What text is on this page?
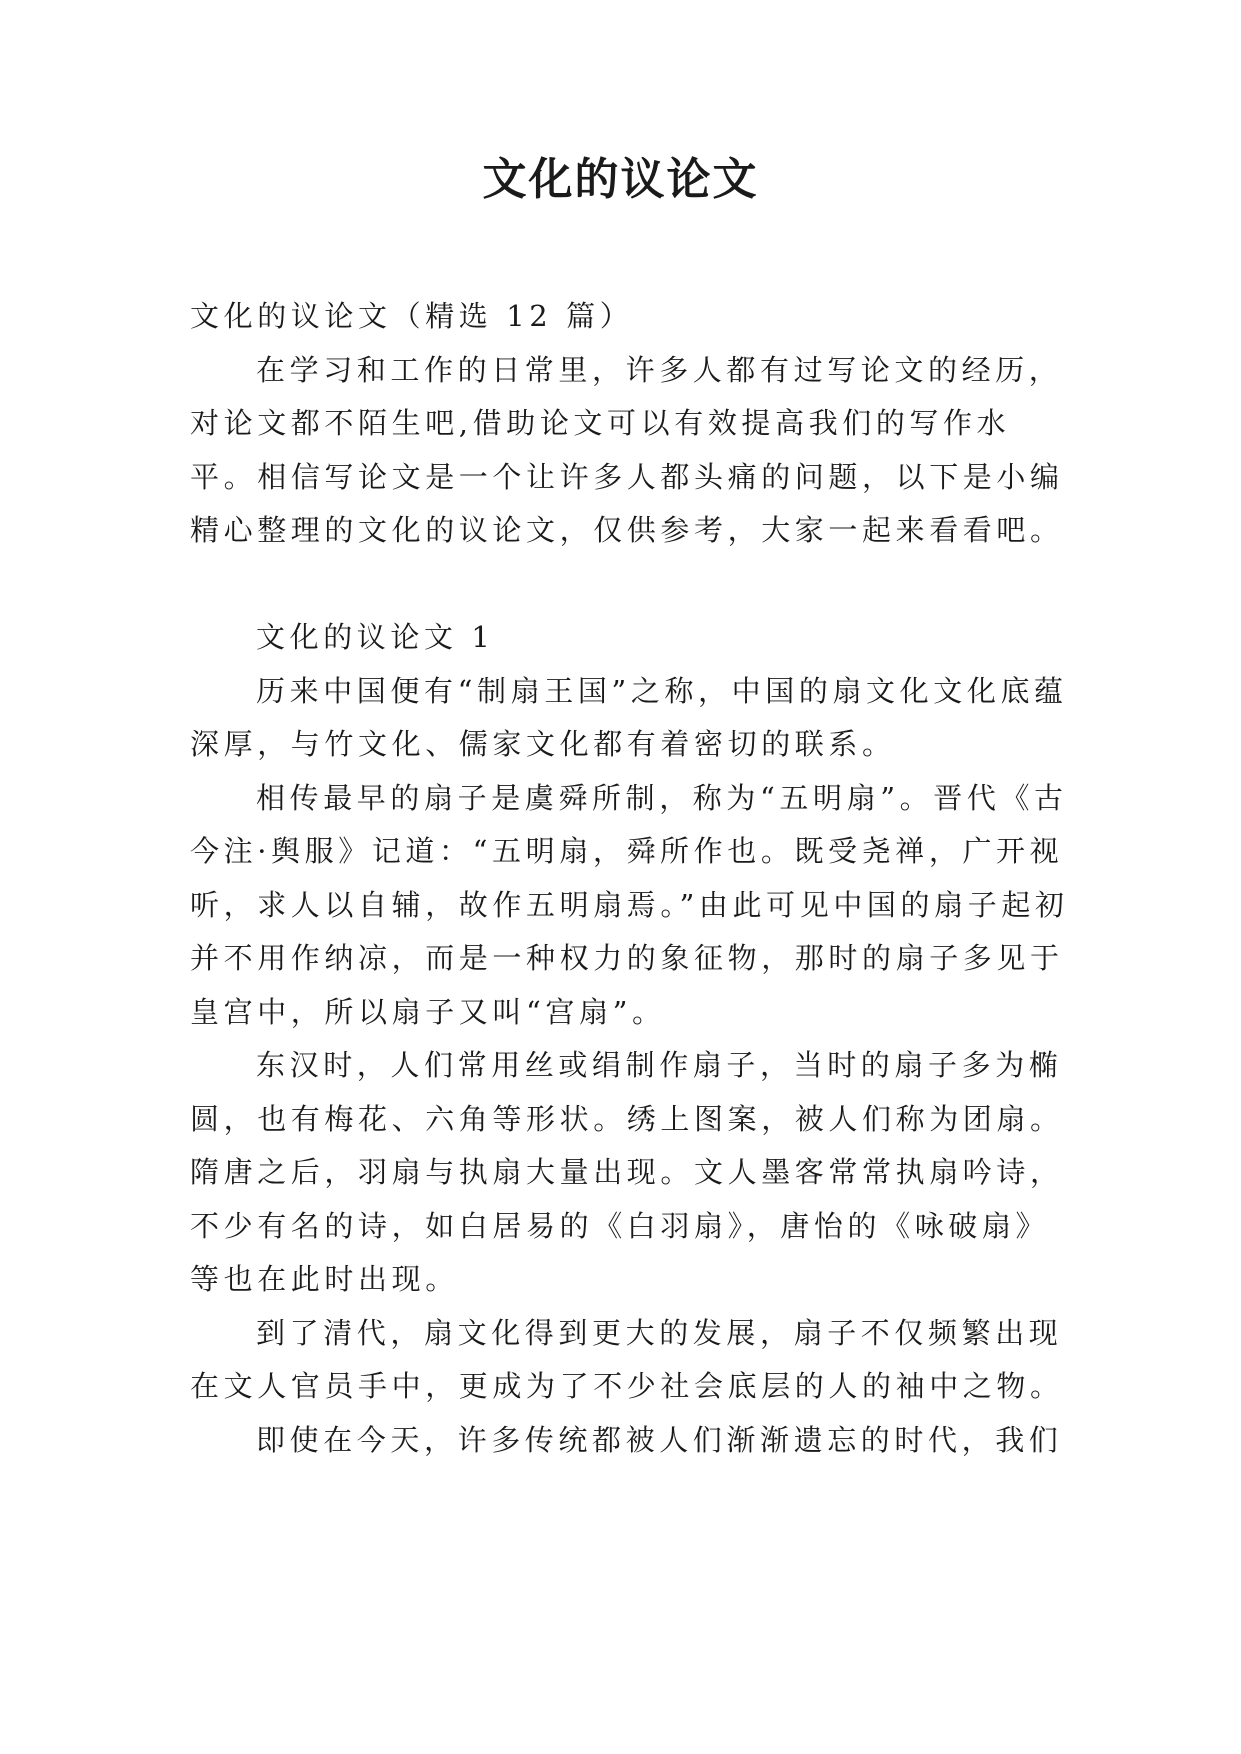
文化的议论文

文化的议论文（精选 12 篇）

在学习和工作的日常里，许多人都有过写论文的经历，对论文都不陌生吧,借助论文可以有效提高我们的写作水平。相信写论文是一个让许多人都头痛的问题，以下是小编精心整理的文化的议论文，仅供参考，大家一起来看看吧。

文化的议论文 1

历来中国便有“制扇王国”之称，中国的扇文化文化底蕴深厚，与竹文化、儒家文化都有着密切的联系。

相传最早的扇子是虞舜所制，称为“五明扇”。晋代《古今注·舆服》记道：“五明扇，舜所作也。既受尧禅，广开视听，求人以自辅，故作五明扇焉。”由此可见中国的扇子起初并不用作纳凉，而是一种权力的象征物，那时的扇子多见于皇宫中，所以扇子又叫“宫扇”。

东汉时，人们常用丝或绢制作扇子，当时的扇子多为椭圆，也有梅花、六角等形状。绣上图案，被人们称为团扇。隋唐之后，羽扇与执扇大量出现。文人墨客常常执扇吟诗，不少有名的诗，如白居易的《白羽扇》，唐怡的《咏破扇》等也在此时出现。

到了清代，扇文化得到更大的发展，扇子不仅频繁出现在文人官员手中，更成为了不少社会底层的人的袖中之物。

即使在今天，许多传统都被人们渐渐遗忘的时代，我们
